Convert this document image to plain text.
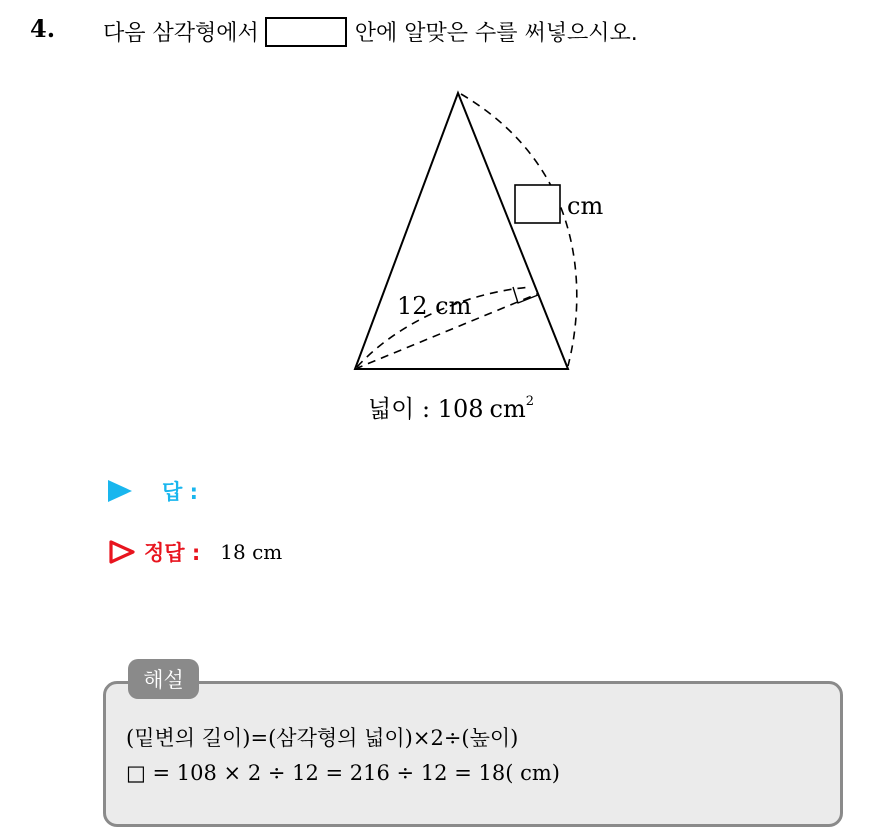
4. 다음 삼각형에서	안에 알맞은 수를 써넣으시오.
cm
12 cm
넓이 : 108 $cm^2$
답 :
정답 : 18 cm
해설
(밑변의 길이)=(삼각형의 넓이)×2÷(높이)
□ = 108 × 2 ÷ 12 = 216 ÷ 12 = 18( cm)
